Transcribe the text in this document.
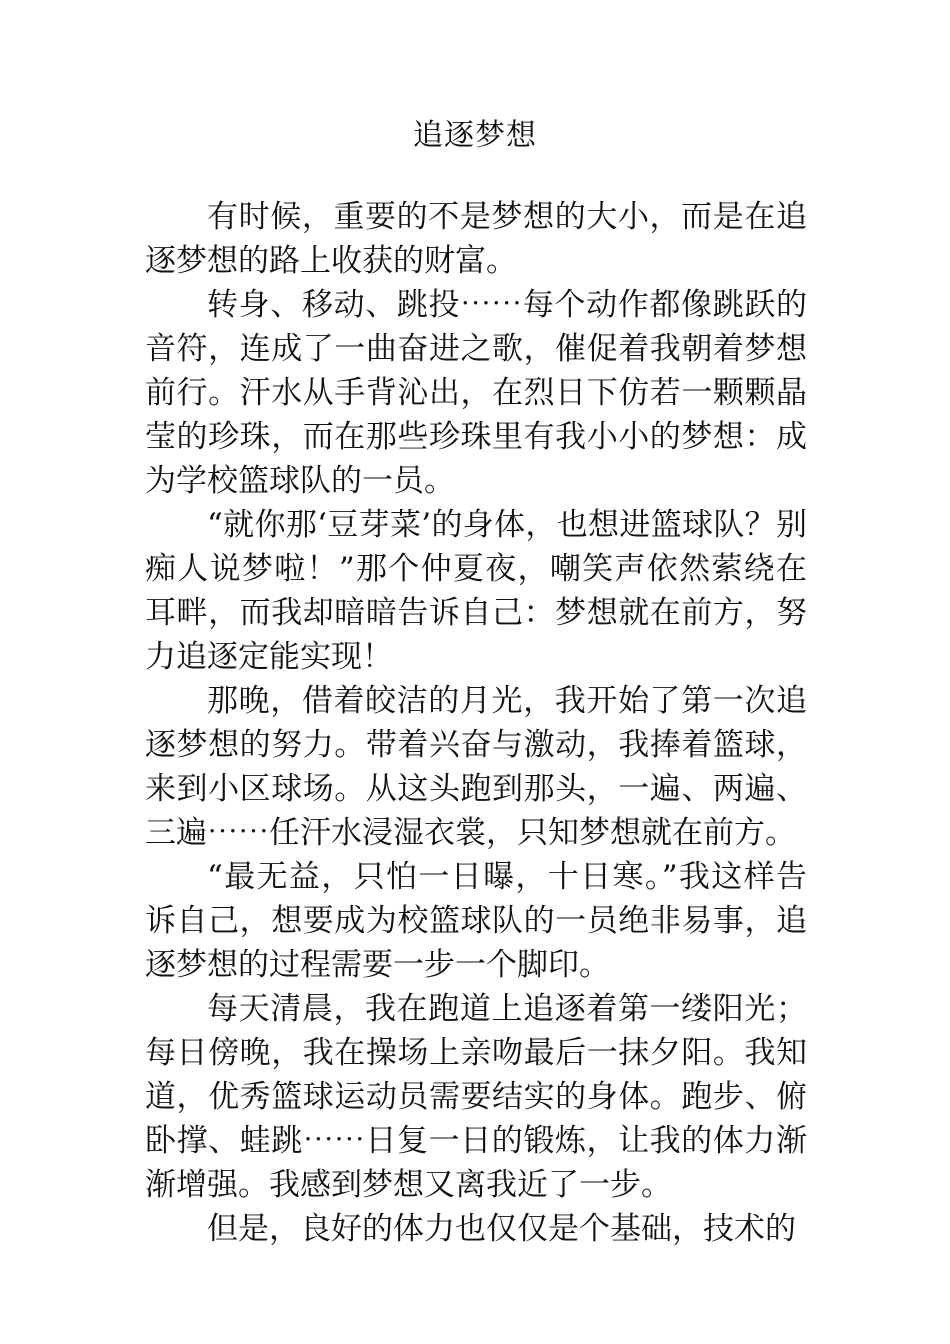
追逐梦想

有时候，重要的不是梦想的大小，而是在追逐梦想的路上收获的财富。

转身、移动、跳投⋯⋯每个动作都像跳跃的音符，连成了一曲奋进之歌，催促着我朝着梦想前行。汗水从手背沁出，在烈日下仿若一颗颗晶莹的珍珠，而在那些珍珠里有我小小的梦想：成为学校篮球队的一员。

“就你那‘豆芽菜’的身体，也想进篮球队？别痴人说梦啦！”那个仲夏夜，嘲笑声依然萦绕在耳畔，而我却暗暗告诉自己：梦想就在前方，努力追逐定能实现！

那晚，借着皎洁的月光，我开始了第一次追逐梦想的努力。带着兴奋与激动，我捧着篮球，来到小区球场。从这头跑到那头，一遍、两遍、三遍⋯⋯任汗水浸湿衣裳，只知梦想就在前方。

“最无益，只怕一日曝，十日寒。”我这样告诉自己，想要成为校篮球队的一员绝非易事，追逐梦想的过程需要一步一个脚印。

每天清晨，我在跑道上追逐着第一缕阳光；每日傍晚，我在操场上亲吻最后一抹夕阳。我知道，优秀篮球运动员需要结实的身体。跑步、俯卧撑、蛙跳⋯⋯日复一日的锻炼，让我的体力渐渐增强。我感到梦想又离我近了一步。

但是，良好的体力也仅仅是个基础，技术的
